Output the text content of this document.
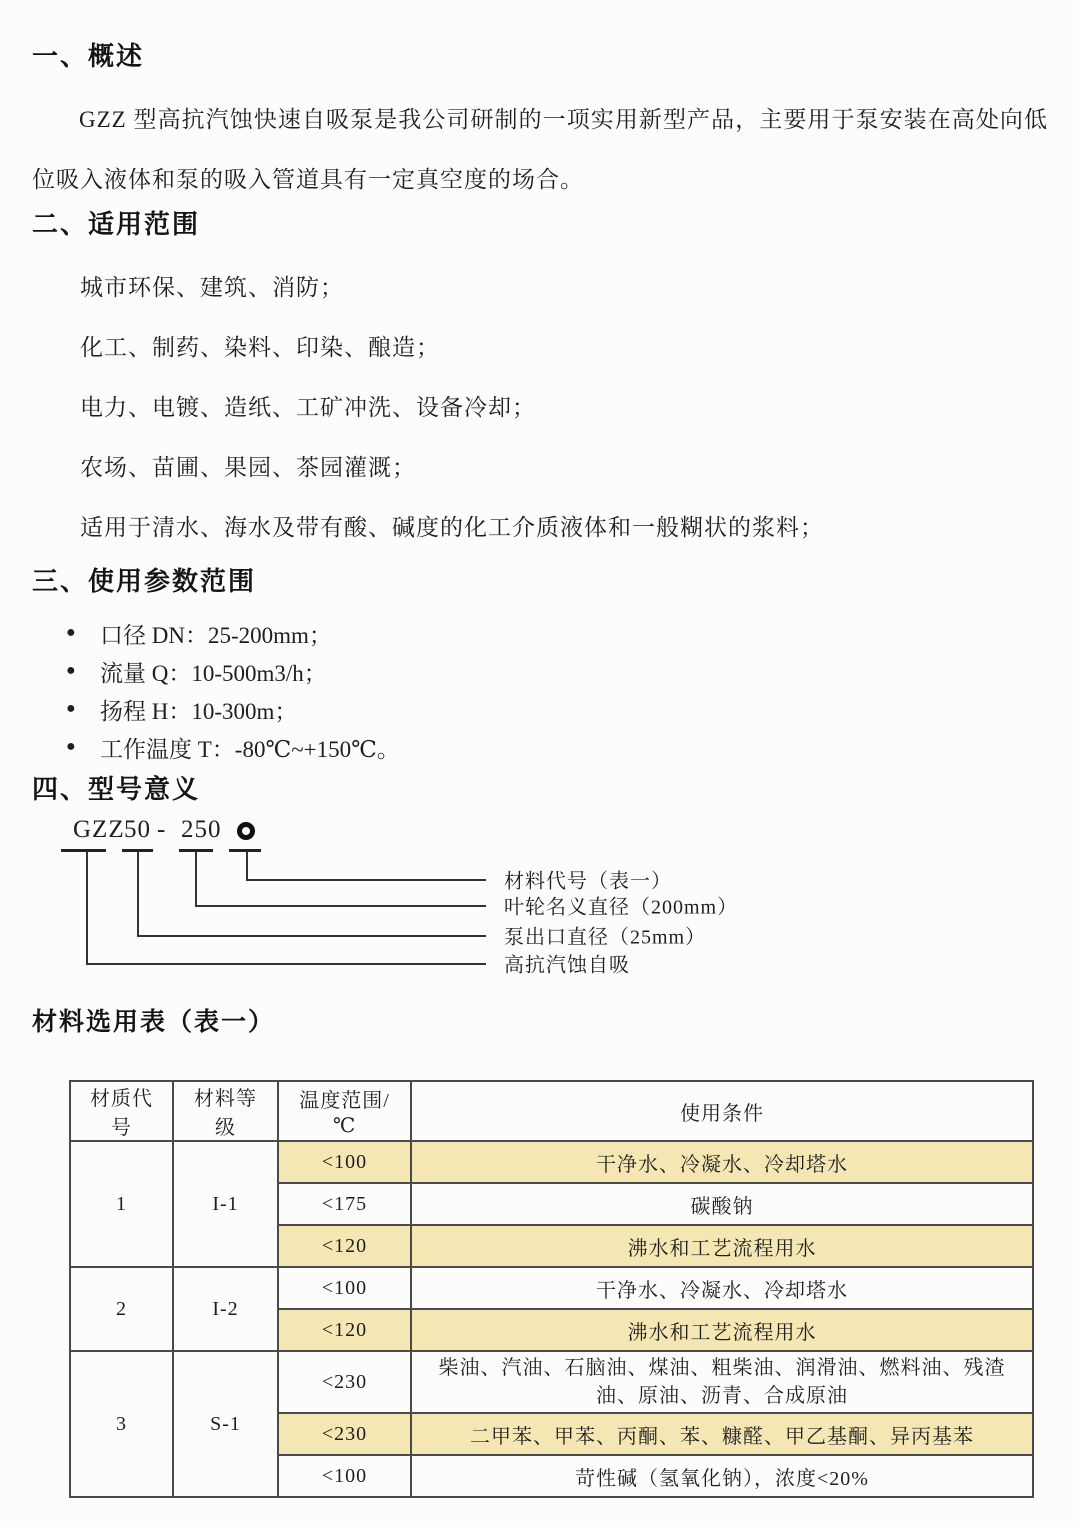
一、概述

GZZ 型高抗汽蚀快速自吸泵是我公司研制的一项实用新型产品，主要用于泵安装在高处向低位吸入液体和泵的吸入管道具有一定真空度的场合。

二、适用范围
城市环保、建筑、消防；
化工、制药、染料、印染、酿造；
电力、电镀、造纸、工矿冲洗、设备冷却；
农场、苗圃、果园、茶园灌溉；
适用于清水、海水及带有酸、碱度的化工介质液体和一般糊状的浆料；
三、使用参数范围
●	口径 DN：25-200mm；
●	流量 Q：10-500m3/h；
●	扬程 H：10-300m；
●	工作温度 T：-80℃~+150℃。
四、型号意义
GZZ 50 - 250
材料代号（表一）
叶轮名义直径（200mm）
泵出口直径（25mm）
高抗汽蚀自吸
材料选用表（表一）
材质代号	材料等级	温度范围/℃	使用条件
1	I-1	<100	干净水、冷凝水、冷却塔水
		<175	碳酸钠
		<120	沸水和工艺流程用水
2	I-2	<100	干净水、冷凝水、冷却塔水
		<120	沸水和工艺流程用水
3	S-1	<230	柴油、汽油、石脑油、煤油、粗柴油、润滑油、燃料油、残渣油、原油、沥青、合成原油
		<230	二甲苯、甲苯、丙酮、苯、糠醛、甲乙基酮、异丙基苯
		<100	苛性碱（氢氧化钠），浓度<20%
